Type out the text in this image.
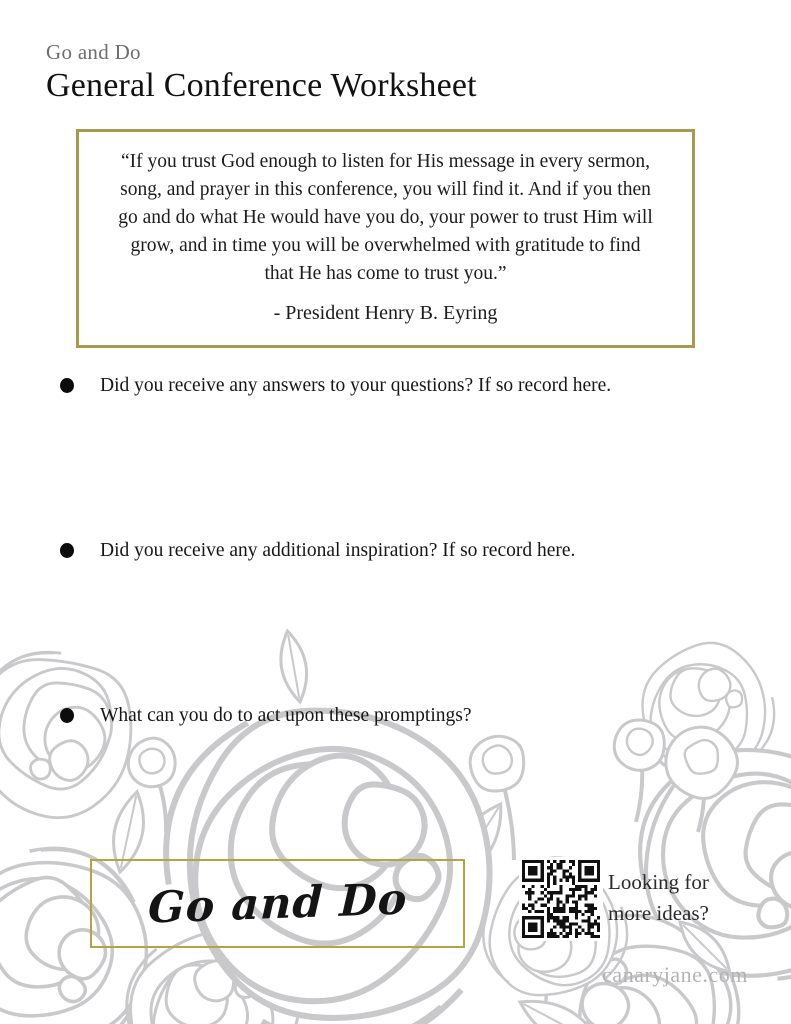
Go and Do
General Conference Worksheet

“If you trust God enough to listen for His message in every sermon, song, and prayer in this conference, you will find it. And if you then go and do what He would have you do, your power to trust Him will grow, and in time you will be overwhelmed with gratitude to find that He has come to trust you.”

- President Henry B. Eyring

Did you receive any answers to your questions? If so record here.
Did you receive any additional inspiration? If so record here.
What can you do to act upon these promptings?
Go and Do	Looking for more ideas?
canaryjane.com
